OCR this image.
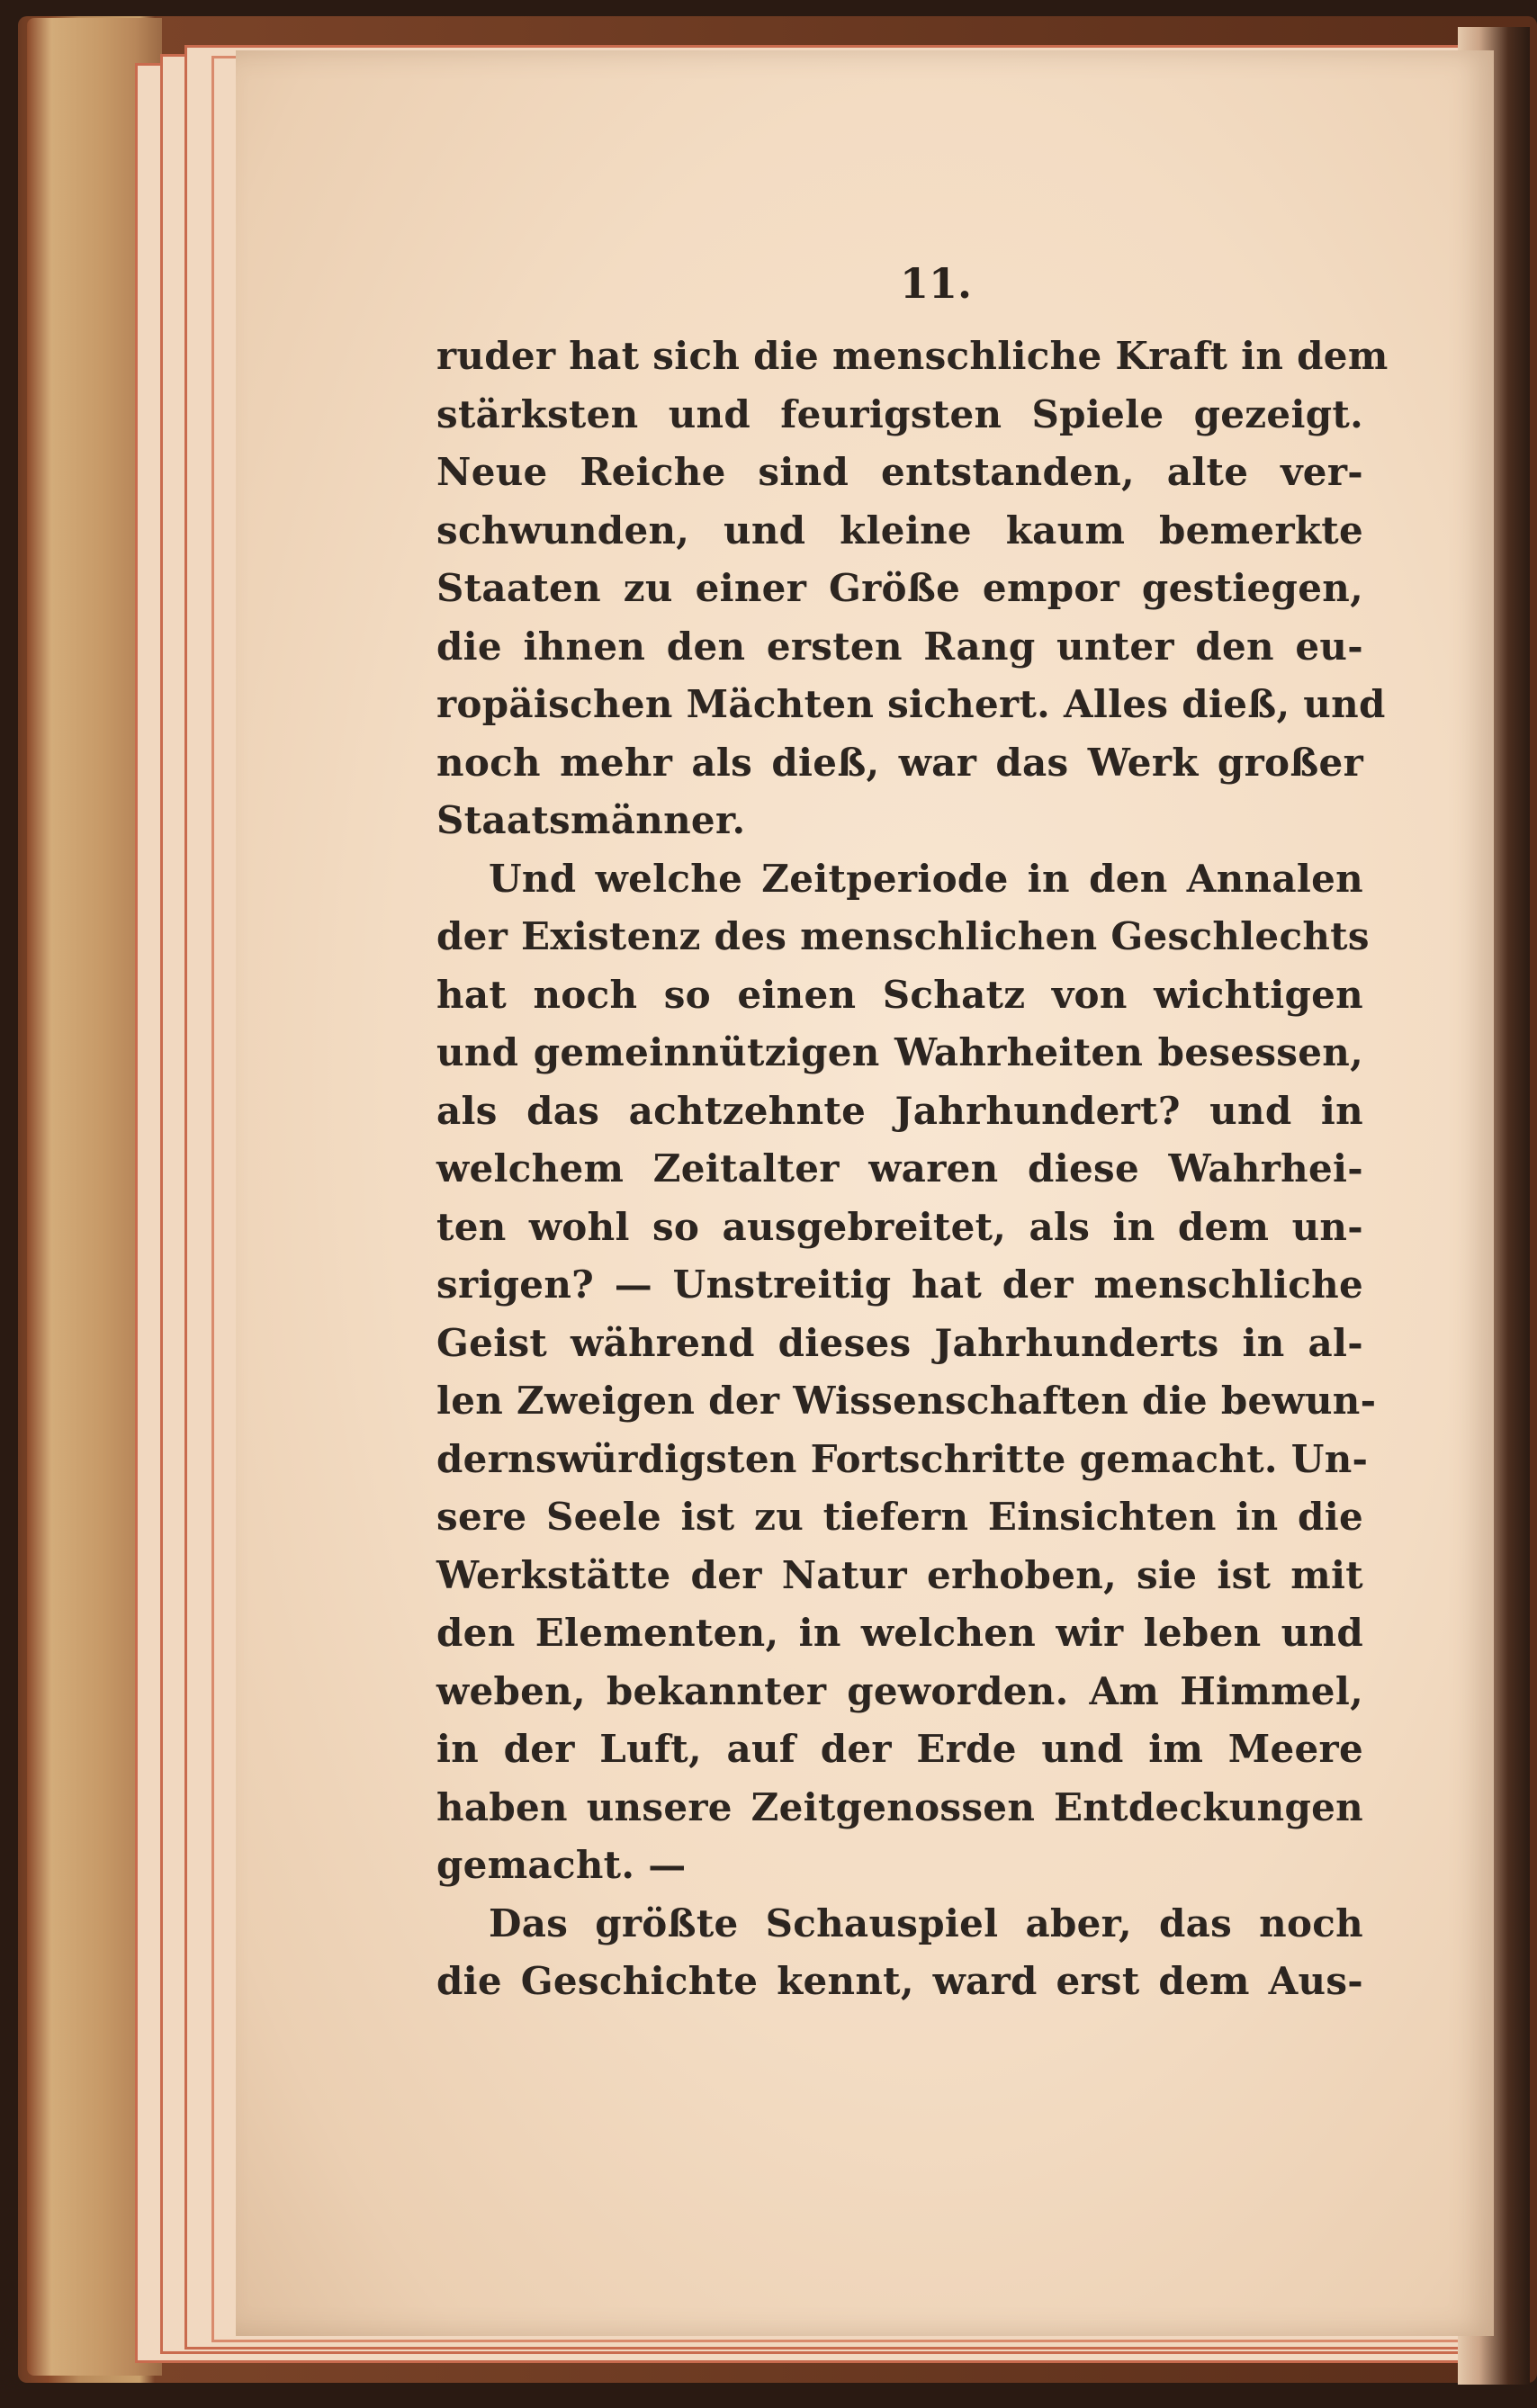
11.
ruder hat sich die menschliche Kraft in dem
stärksten und feurigsten Spiele gezeigt.
Neue Reiche sind entstanden, alte ver-
schwunden, und kleine kaum bemerkte
Staaten zu einer Größe empor gestiegen,
die ihnen den ersten Rang unter den eu-
ropäischen Mächten sichert. Alles dieß, und
noch mehr als dieß, war das Werk großer
Staatsmänner.
Und welche Zeitperiode in den Annalen
der Existenz des menschlichen Geschlechts
hat noch so einen Schatz von wichtigen
und gemeinnützigen Wahrheiten besessen,
als das achtzehnte Jahrhundert? und in
welchem Zeitalter waren diese Wahrhei-
ten wohl so ausgebreitet, als in dem un-
srigen? — Unstreitig hat der menschliche
Geist während dieses Jahrhunderts in al-
len Zweigen der Wissenschaften die bewun-
dernswürdigsten Fortschritte gemacht. Un-
sere Seele ist zu tiefern Einsichten in die
Werkstätte der Natur erhoben, sie ist mit
den Elementen, in welchen wir leben und
weben, bekannter geworden. Am Himmel,
in der Luft, auf der Erde und im Meere
haben unsere Zeitgenossen Entdeckungen
gemacht. —
Das größte Schauspiel aber, das noch
die Geschichte kennt, ward erst dem Aus-
